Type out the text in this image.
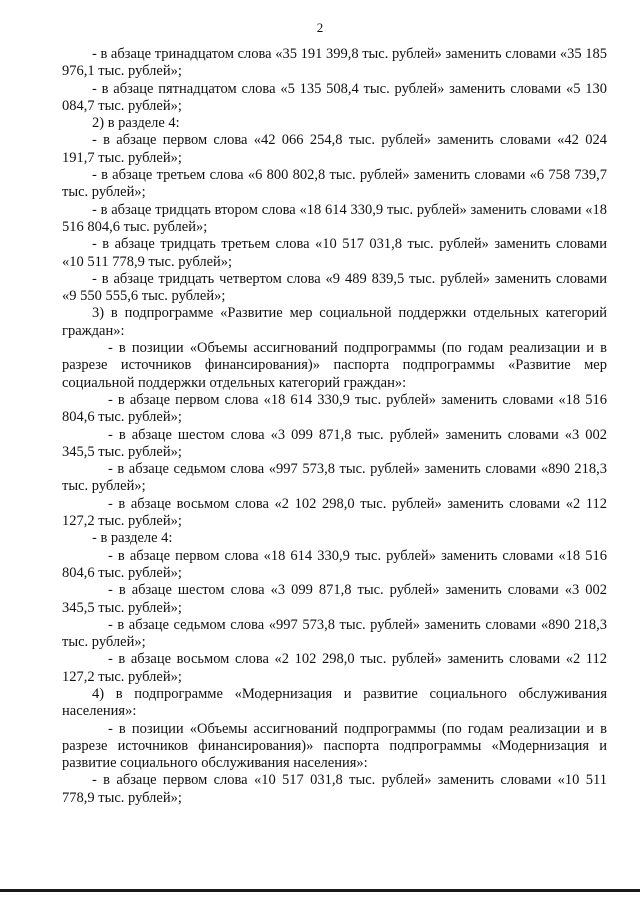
2

- в абзаце тринадцатом слова «35 191 399,8 тыс. рублей» заменить словами «35 185 976,1 тыс. рублей»;

- в абзаце пятнадцатом слова «5 135 508,4 тыс. рублей» заменить словами «5 130 084,7 тыс. рублей»;

2) в разделе 4:

- в абзаце первом слова «42 066 254,8 тыс. рублей» заменить словами «42 024 191,7 тыс. рублей»;

- в абзаце третьем слова «6 800 802,8 тыс. рублей» заменить словами «6 758 739,7 тыс. рублей»;

- в абзаце тридцать втором слова «18 614 330,9 тыс. рублей» заменить словами «18 516 804,6 тыс. рублей»;

- в абзаце тридцать третьем слова «10 517 031,8 тыс. рублей» заменить словами «10 511 778,9 тыс. рублей»;

- в абзаце тридцать четвертом слова «9 489 839,5 тыс. рублей» заменить словами «9 550 555,6 тыс. рублей»;

3) в подпрограмме «Развитие мер социальной поддержки отдельных категорий граждан»:

- в позиции «Объемы ассигнований подпрограммы (по годам реализации и в разрезе источников финансирования)» паспорта подпрограммы «Развитие мер социальной поддержки отдельных категорий граждан»:

- в абзаце первом слова «18 614 330,9 тыс. рублей» заменить словами «18 516 804,6 тыс. рублей»;

- в абзаце шестом слова «3 099 871,8 тыс. рублей» заменить словами «3 002 345,5 тыс. рублей»;

- в абзаце седьмом слова «997 573,8 тыс. рублей» заменить словами «890 218,3 тыс. рублей»;

- в абзаце восьмом слова «2 102 298,0 тыс. рублей» заменить словами «2 112 127,2 тыс. рублей»;

- в разделе 4:

- в абзаце первом слова «18 614 330,9 тыс. рублей» заменить словами «18 516 804,6 тыс. рублей»;

- в абзаце шестом слова «3 099 871,8 тыс. рублей» заменить словами «3 002 345,5 тыс. рублей»;

- в абзаце седьмом слова «997 573,8 тыс. рублей» заменить словами «890 218,3 тыс. рублей»;

- в абзаце восьмом слова «2 102 298,0 тыс. рублей» заменить словами «2 112 127,2 тыс. рублей»;

4) в подпрограмме «Модернизация и развитие социального обслуживания населения»:

- в позиции «Объемы ассигнований подпрограммы (по годам реализации и в разрезе источников финансирования)» паспорта подпрограммы «Модернизация и развитие социального обслуживания населения»:

- в абзаце первом слова «10 517 031,8 тыс. рублей» заменить словами «10 511 778,9 тыс. рублей»;
